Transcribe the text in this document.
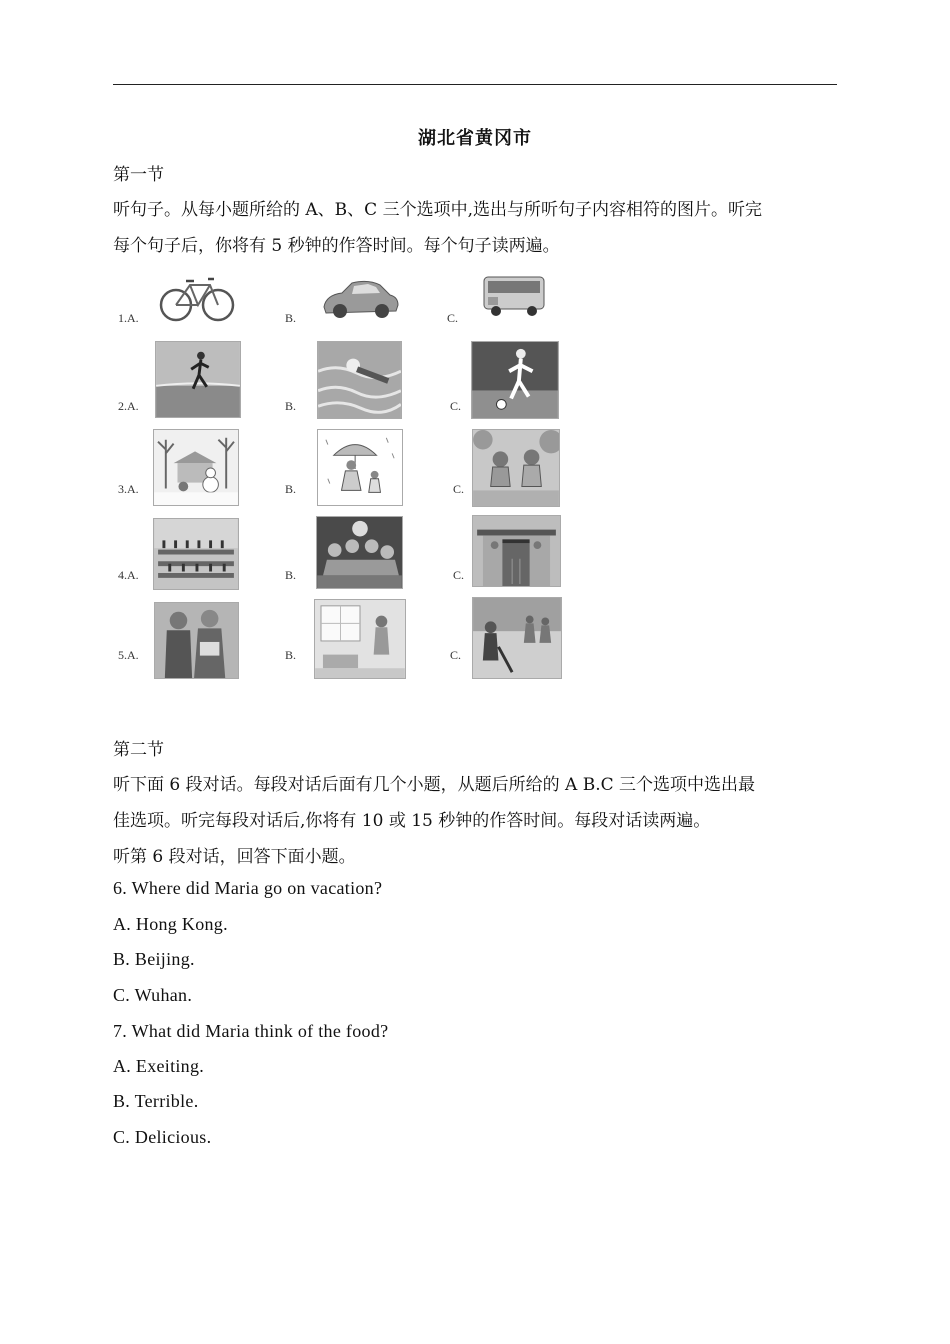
湖北省黄冈市
第一节
听句子。从每小题所给的 A、B、C 三个选项中,选出与所听句子内容相符的图片。听完
每个句子后，你将有 5 秒钟的作答时间。每个句子读两遍。
1.A.	B.	C.
2.A.	B.	C.
3.A.	B.	C.
4.A.	B.	C.
5.A.	B.	C.
第二节
听下面 6 段对话。每段对话后面有几个小题，从题后所给的 A B.C 三个选项中选出最
佳选项。听完每段对话后,你将有 10 或 15 秒钟的作答时间。每段对话读两遍。
听第 6 段对话，回答下面小题。
6. Where did Maria go on vacation?
A. Hong Kong.
B. Beijing.
C. Wuhan.
7. What did Maria think of the food?
A. Exeiting.
B. Terrible.
C. Delicious.
